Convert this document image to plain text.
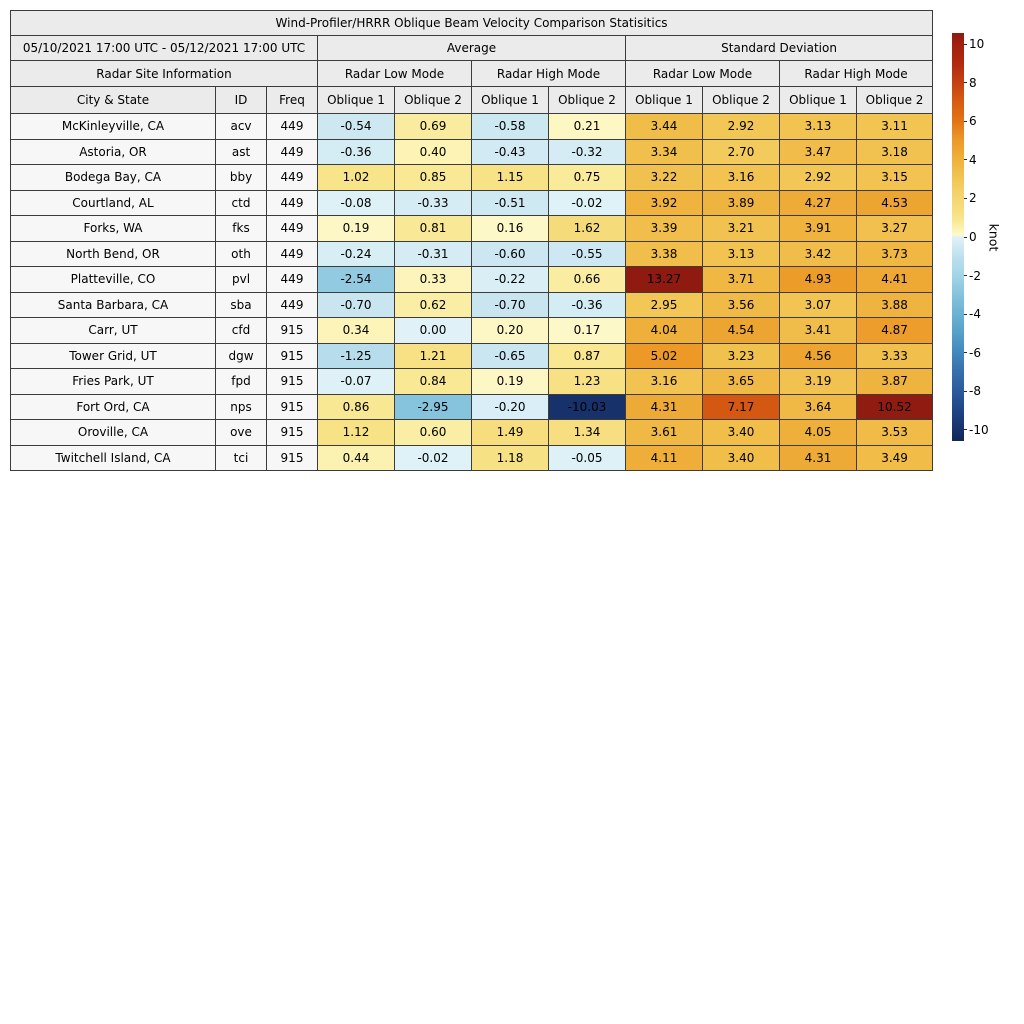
Wind-Profiler/HRRR Oblique Beam Velocity Comparison Statisitics										
05/10/2021 17:00 UTC - 05/12/2021 17:00 UTC			Average				Standard Deviation			
Radar Site Information			Radar Low Mode		Radar High Mode		Radar Low Mode		Radar High Mode	
City & State	ID	Freq	Oblique 1	Oblique 2	Oblique 1	Oblique 2	Oblique 1	Oblique 2	Oblique 1	Oblique 2
McKinleyville, CA	acv	449	-0.54	0.69	-0.58	0.21	3.44	2.92	3.13	3.11
Astoria, OR	ast	449	-0.36	0.40	-0.43	-0.32	3.34	2.70	3.47	3.18
Bodega Bay, CA	bby	449	1.02	0.85	1.15	0.75	3.22	3.16	2.92	3.15
Courtland, AL	ctd	449	-0.08	-0.33	-0.51	-0.02	3.92	3.89	4.27	4.53
Forks, WA	fks	449	0.19	0.81	0.16	1.62	3.39	3.21	3.91	3.27
North Bend, OR	oth	449	-0.24	-0.31	-0.60	-0.55	3.38	3.13	3.42	3.73
Platteville, CO	pvl	449	-2.54	0.33	-0.22	0.66	13.27	3.71	4.93	4.41
Santa Barbara, CA	sba	449	-0.70	0.62	-0.70	-0.36	2.95	3.56	3.07	3.88
Carr, UT	cfd	915	0.34	0.00	0.20	0.17	4.04	4.54	3.41	4.87
Tower Grid, UT	dgw	915	-1.25	1.21	-0.65	0.87	5.02	3.23	4.56	3.33
Fries Park, UT	fpd	915	-0.07	0.84	0.19	1.23	3.16	3.65	3.19	3.87
Fort Ord, CA	nps	915	0.86	-2.95	-0.20	-10.03	4.31	7.17	3.64	10.52
Oroville, CA	ove	915	1.12	0.60	1.49	1.34	3.61	3.40	4.05	3.53
Twitchell Island, CA	tci	915	0.44	-0.02	1.18	-0.05	4.11	3.40	4.31	3.49
10
8
6
4
2
0
-2
-4
-6
-8
-10
knot
